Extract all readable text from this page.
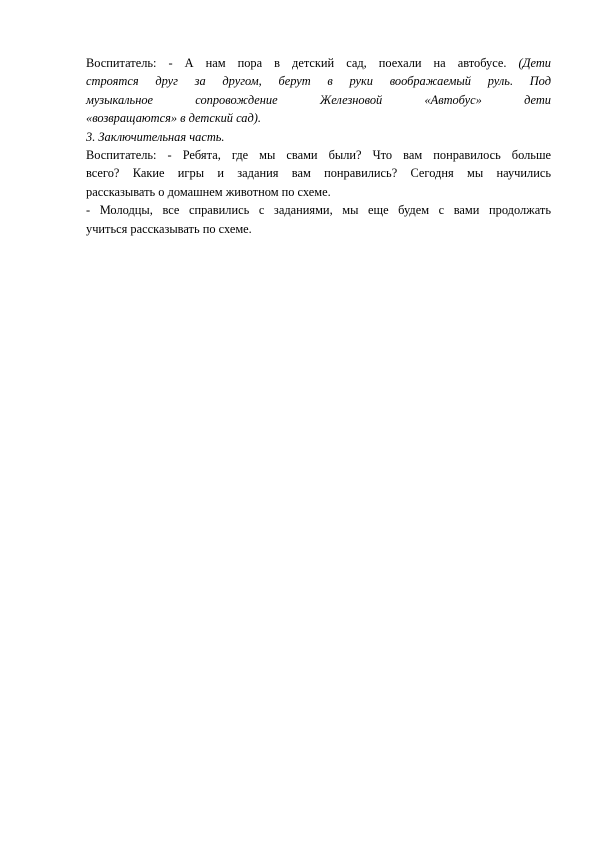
Воспитатель: - А нам пора в детский сад, поехали на автобусе. (Дети
строятся друг за другом, берут в руки воображаемый руль. Под
музыкальное сопровождение Железновой «Автобус» дети
«возвращаются» в детский сад).
3. Заключительная часть.
Воспитатель: - Ребята, где мы свами были? Что вам понравилось больше
всего? Какие игры и задания вам понравились? Сегодня мы научились
рассказывать о домашнем животном по схеме.
- Молодцы, все справились с заданиями, мы еще будем с вами продолжать
учиться рассказывать по схеме.
